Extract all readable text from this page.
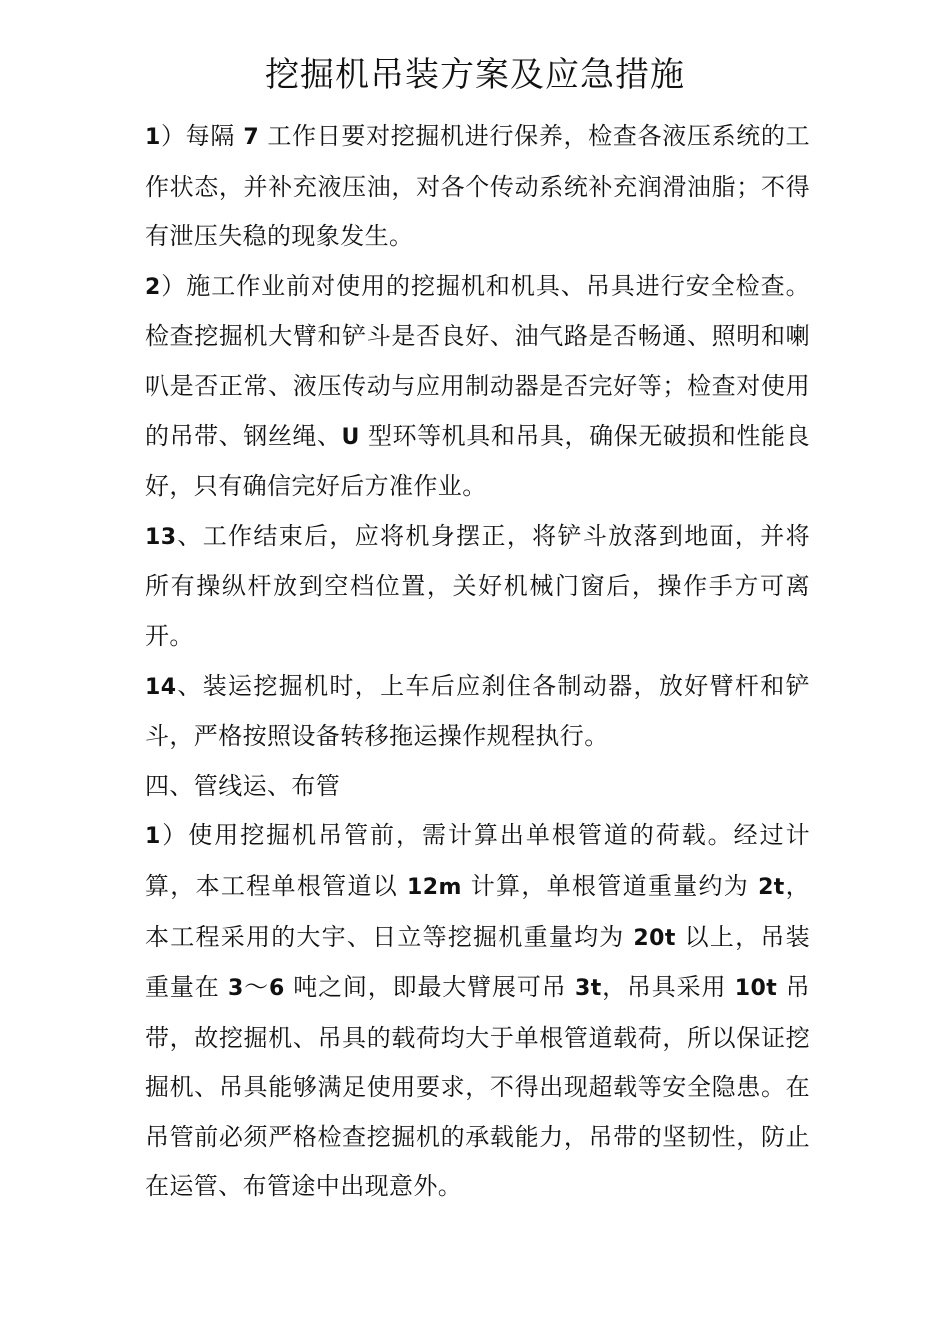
挖掘机吊装方案及应急措施

1）每隔 7 工作日要对挖掘机进行保养，检查各液压系统的工作状态，并补充液压油，对各个传动系统补充润滑油脂；不得有泄压失稳的现象发生。

2）施工作业前对使用的挖掘机和机具、吊具进行安全检查。检查挖掘机大臂和铲斗是否良好、油气路是否畅通、照明和喇叭是否正常、液压传动与应用制动器是否完好等；检查对使用的吊带、钢丝绳、U 型环等机具和吊具，确保无破损和性能良好，只有确信完好后方准作业。

13、工作结束后，应将机身摆正，将铲斗放落到地面，并将所有操纵杆放到空档位置，关好机械门窗后，操作手方可离开。

14、装运挖掘机时，上车后应刹住各制动器，放好臂杆和铲斗，严格按照设备转移拖运操作规程执行。

四、管线运、布管

1）使用挖掘机吊管前，需计算出单根管道的荷载。经过计算，本工程单根管道以 12m 计算，单根管道重量约为 2t，本工程采用的大宇、日立等挖掘机重量均为 20t 以上，吊装重量在 3～6 吨之间，即最大臂展可吊 3t，吊具采用 10t 吊带，故挖掘机、吊具的载荷均大于单根管道载荷，所以保证挖掘机、吊具能够满足使用要求，不得出现超载等安全隐患。在吊管前必须严格检查挖掘机的承载能力，吊带的坚韧性，防止在运管、布管途中出现意外。
